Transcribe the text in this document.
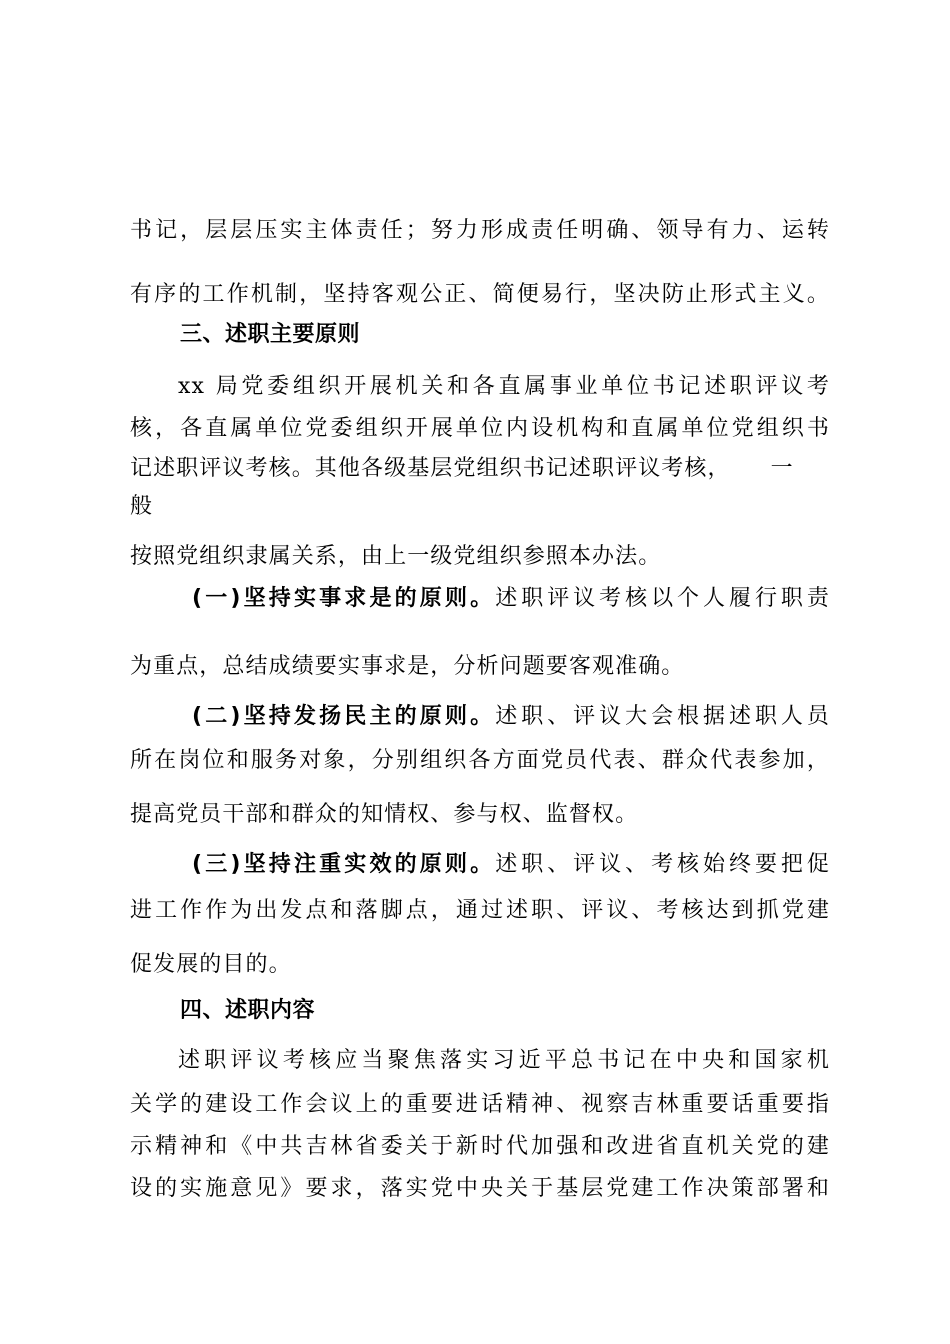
书记，层层压实主体责任；努力形成责任明确、领导有力、运转
有序的工作机制，坚持客观公正、简便易行，坚决防止形式主义。
三、述职主要原则
xx 局党委组织开展机关和各直属事业单位书记述职评议考
核，各直属单位党委组织开展单位内设机构和直属单位党组织书
记述职评议考核。其他各级基层党组织书记述职评议考核， 一
般
按照党组织隶属关系，由上一级党组织参照本办法。
(一)坚持实事求是的原则。述职评议考核以个人履行职责
为重点，总结成绩要实事求是，分析问题要客观准确。
(二)坚持发扬民主的原则。述职、评议大会根据述职人员
所在岗位和服务对象，分别组织各方面党员代表、群众代表参加，
提高党员干部和群众的知情权、参与权、监督权。
(三)坚持注重实效的原则。述职、评议、考核始终要把促
进工作作为出发点和落脚点，通过述职、评议、考核达到抓党建
促发展的目的。
四、述职内容
述职评议考核应当聚焦落实习近平总书记在中央和国家机
关学的建设工作会议上的重要进话精神、视察吉林重要话重要指
示精神和《中共吉林省委关于新时代加强和改进省直机关党的建
设的实施意见》要求，落实党中央关于基层党建工作决策部署和
